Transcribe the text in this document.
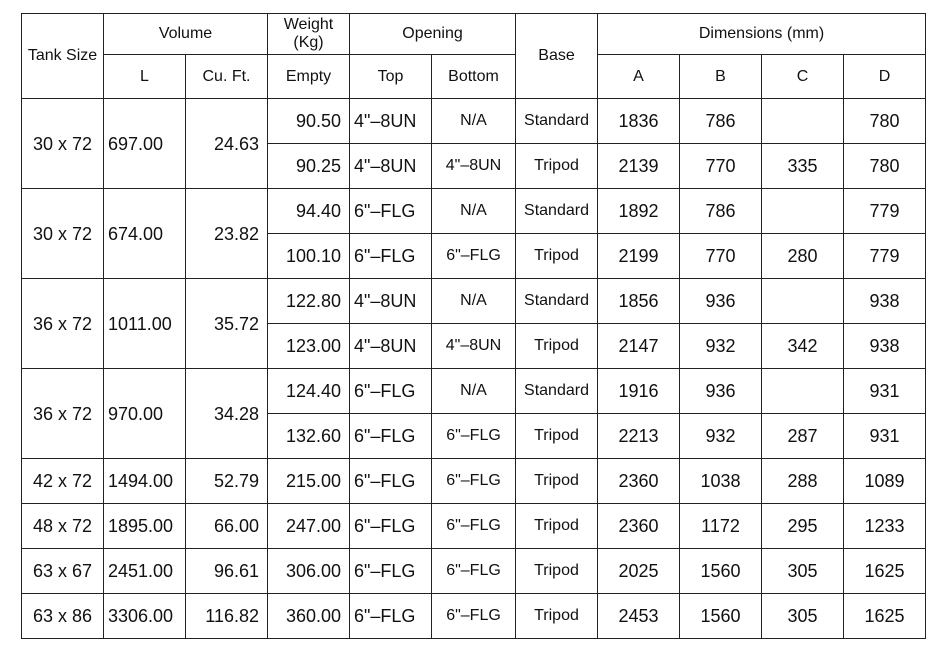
Tank Size	Volume		Weight (Kg)	Opening		Base	Dimensions (mm)			
	L	Cu. Ft.	Empty	Top	Bottom		A	B	C	D
30 x 72	697.00	24.63	90.50	4"–8UN	N/A	Standard	1836	786		780
			90.25	4"–8UN	4"–8UN	Tripod	2139	770	335	780
30 x 72	674.00	23.82	94.40	6"–FLG	N/A	Standard	1892	786		779
			100.10	6"–FLG	6"–FLG	Tripod	2199	770	280	779
36 x 72	1011.00	35.72	122.80	4"–8UN	N/A	Standard	1856	936		938
			123.00	4"–8UN	4"–8UN	Tripod	2147	932	342	938
36 x 72	970.00	34.28	124.40	6"–FLG	N/A	Standard	1916	936		931
			132.60	6"–FLG	6"–FLG	Tripod	2213	932	287	931
42 x 72	1494.00	52.79	215.00	6"–FLG	6"–FLG	Tripod	2360	1038	288	1089
48 x 72	1895.00	66.00	247.00	6"–FLG	6"–FLG	Tripod	2360	1172	295	1233
63 x 67	2451.00	96.61	306.00	6"–FLG	6"–FLG	Tripod	2025	1560	305	1625
63 x 86	3306.00	116.82	360.00	6"–FLG	6"–FLG	Tripod	2453	1560	305	1625
